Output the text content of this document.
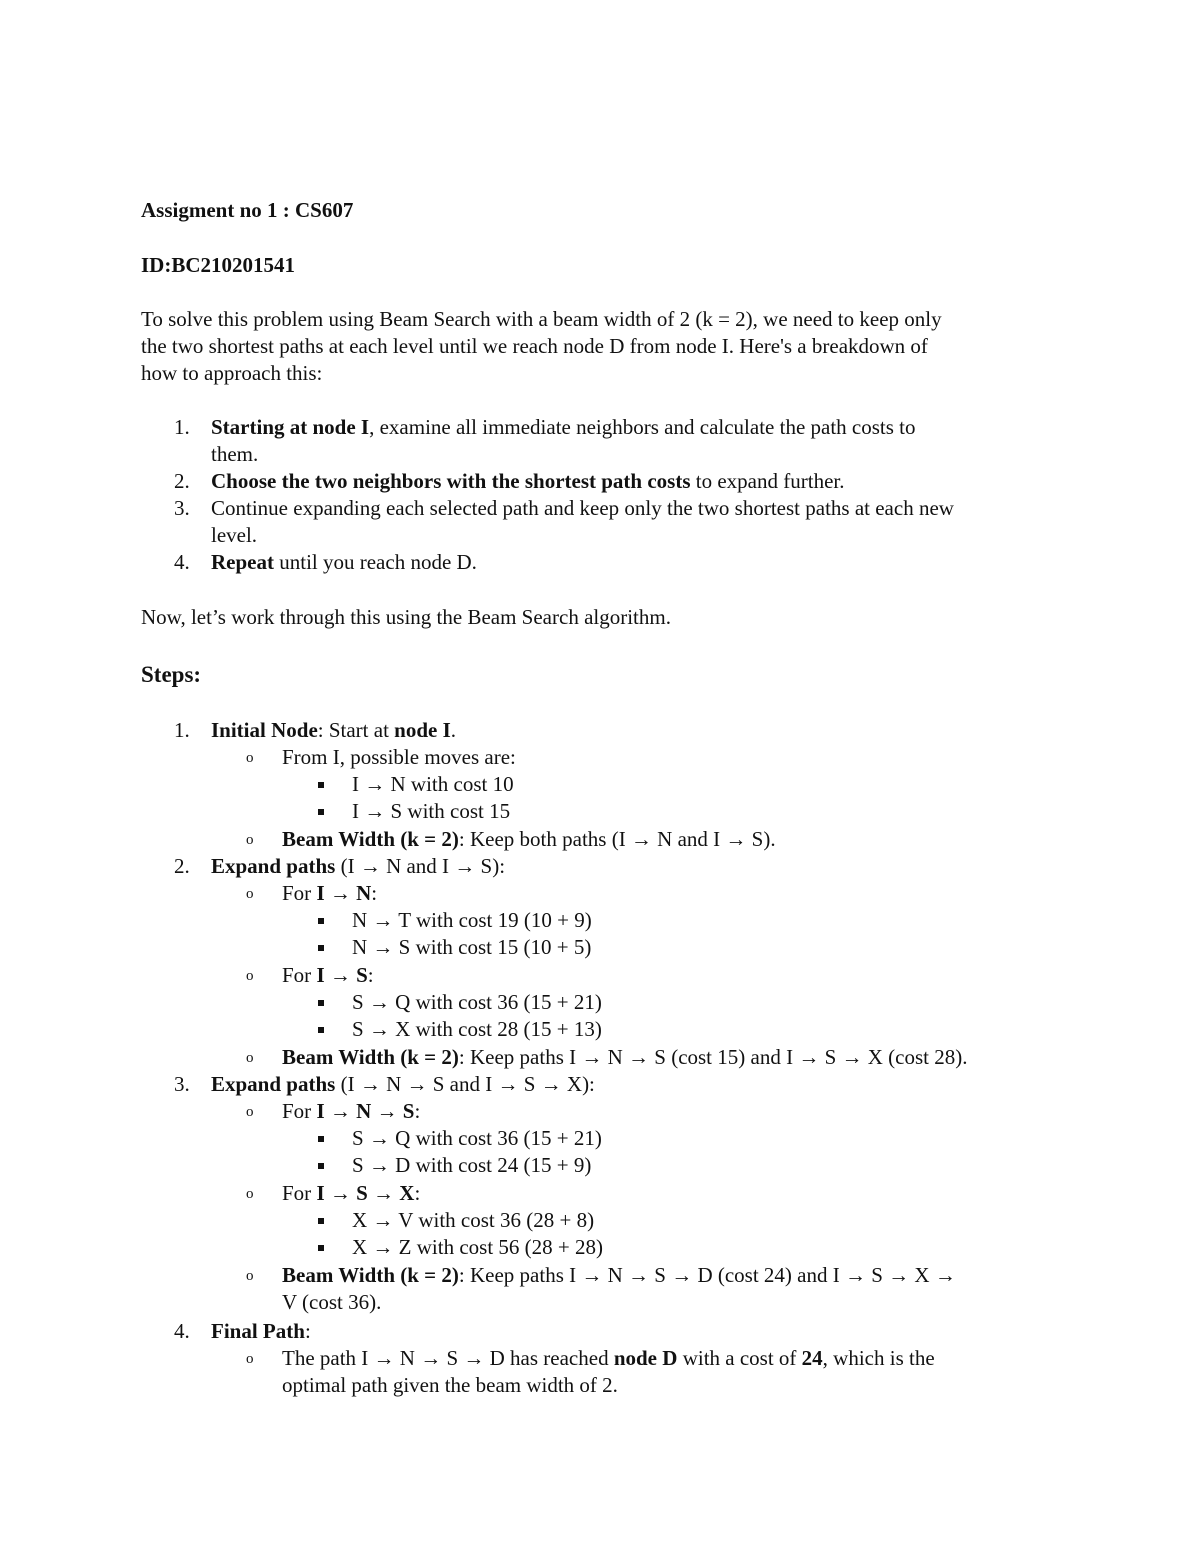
Assigment no 1 : CS607
ID:BC210201541
To solve this problem using Beam Search with a beam width of 2 (k = 2), we need to keep only
the two shortest paths at each level until we reach node D from node I. Here's a breakdown of
how to approach this:
1. Starting at node I, examine all immediate neighbors and calculate the path costs to
them.
2. Choose the two neighbors with the shortest path costs to expand further.
3. Continue expanding each selected path and keep only the two shortest paths at each new
level.
4. Repeat until you reach node D.
Now, let’s work through this using the Beam Search algorithm.
Steps:
1. Initial Node: Start at node I.
o From I, possible moves are:
I → N with cost 10
I → S with cost 15
o Beam Width (k = 2): Keep both paths (I → N and I → S).
2. Expand paths (I → N and I → S):
o For I → N:
N → T with cost 19 (10 + 9)
N → S with cost 15 (10 + 5)
o For I → S:
S → Q with cost 36 (15 + 21)
S → X with cost 28 (15 + 13)
o Beam Width (k = 2): Keep paths I → N → S (cost 15) and I → S → X (cost 28).
3. Expand paths (I → N → S and I → S → X):
o For I → N → S:
S → Q with cost 36 (15 + 21)
S → D with cost 24 (15 + 9)
o For I → S → X:
X → V with cost 36 (28 + 8)
X → Z with cost 56 (28 + 28)
o Beam Width (k = 2): Keep paths I → N → S → D (cost 24) and I → S → X →
V (cost 36).
4. Final Path:
o The path I → N → S → D has reached node D with a cost of 24, which is the
optimal path given the beam width of 2.
